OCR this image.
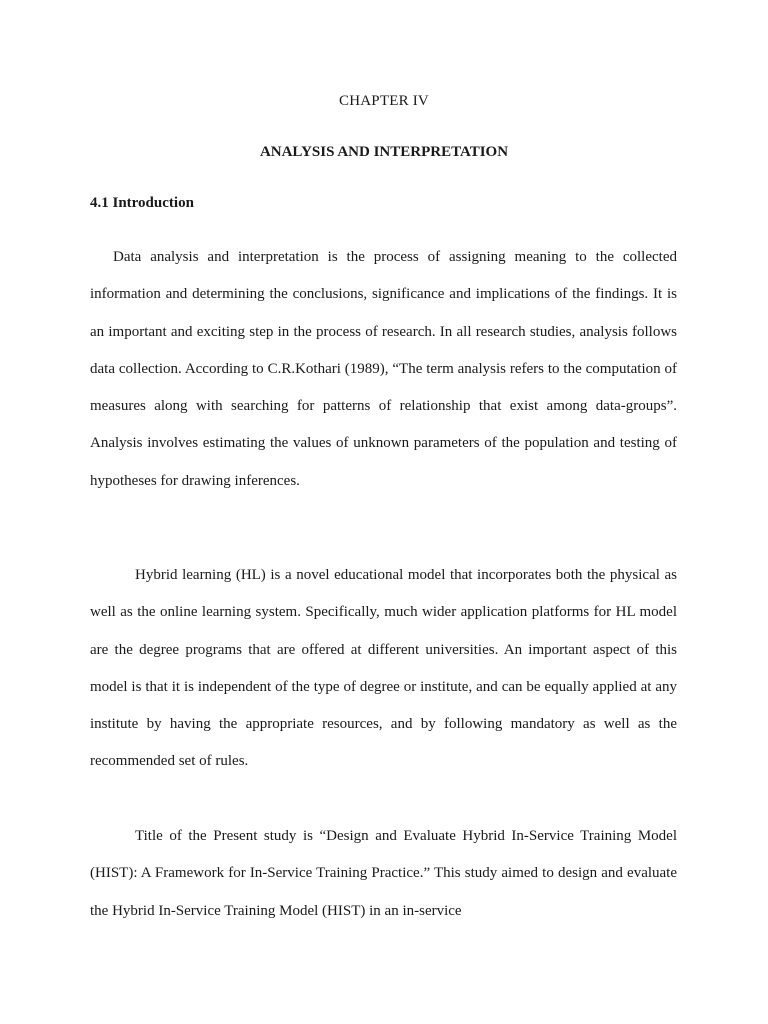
CHAPTER IV
ANALYSIS AND INTERPRETATION
4.1 Introduction

Data analysis and interpretation is the process of assigning meaning to the collected information and determining the conclusions, significance and implications of the findings. It is an important and exciting step in the process of research. In all research studies, analysis follows data collection. According to C.R.Kothari (1989), “The term analysis refers to the computation of measures along with searching for patterns of relationship that exist among data-groups”. Analysis involves estimating the values of unknown parameters of the population and testing of hypotheses for drawing inferences.

Hybrid learning (HL) is a novel educational model that incorporates both the physical as well as the online learning system. Specifically, much wider application platforms for HL model are the degree programs that are offered at different universities. An important aspect of this model is that it is independent of the type of degree or institute, and can be equally applied at any institute by having the appropriate resources, and by following mandatory as well as the recommended set of rules.

Title of the Present study is “Design and Evaluate Hybrid In-Service Training Model (HIST): A Framework for In-Service Training Practice.” This study aimed to design and evaluate the Hybrid In-Service Training Model (HIST) in an in-service
